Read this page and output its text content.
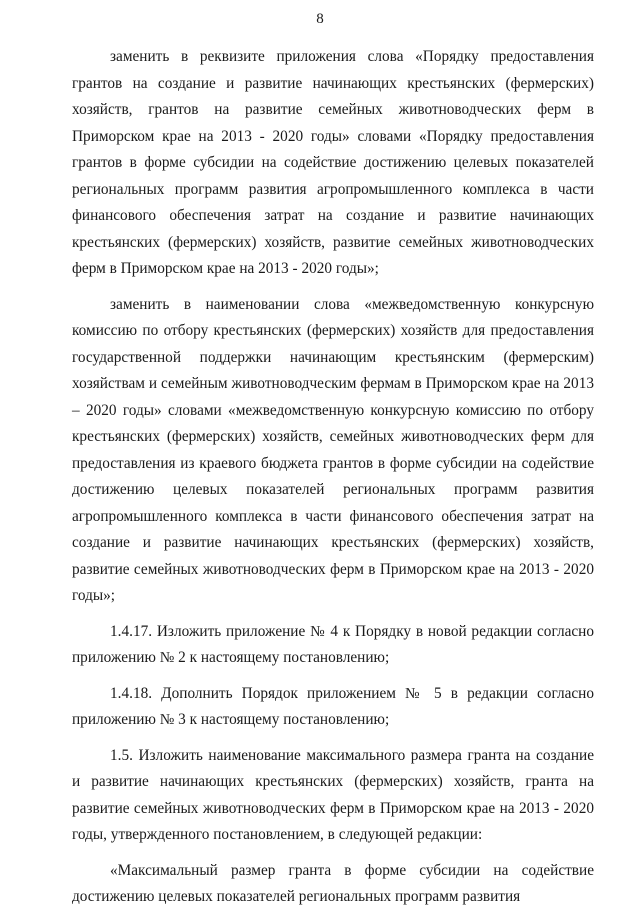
8

заменить в реквизите приложения слова «Порядку предоставления грантов на создание и развитие начинающих крестьянских (фермерских) хозяйств, грантов на развитие семейных животноводческих ферм в Приморском крае на 2013 - 2020 годы» словами «Порядку предоставления грантов в форме субсидии на содействие достижению целевых показателей региональных программ развития агропромышленного комплекса в части финансового обеспечения затрат на создание и развитие начинающих крестьянских (фермерских) хозяйств, развитие семейных животноводческих ферм в Приморском крае на 2013 - 2020 годы»;

заменить в наименовании слова «межведомственную конкурсную комиссию по отбору крестьянских (фермерских) хозяйств для предоставления государственной поддержки начинающим крестьянским (фермерским) хозяйствам и семейным животноводческим фермам в Приморском крае на 2013 – 2020 годы» словами «межведомственную конкурсную комиссию по отбору крестьянских (фермерских) хозяйств, семейных животноводческих ферм для предоставления из краевого бюджета грантов в форме субсидии на содействие достижению целевых показателей региональных программ развития агропромышленного комплекса в части финансового обеспечения затрат на создание и развитие начинающих крестьянских (фермерских) хозяйств, развитие семейных животноводческих ферм в Приморском крае на 2013 - 2020 годы»;

1.4.17. Изложить приложение № 4 к Порядку в новой редакции согласно приложению № 2 к настоящему постановлению;

1.4.18. Дополнить Порядок приложением № 5 в редакции согласно приложению № 3 к настоящему постановлению;

1.5. Изложить наименование максимального размера гранта на создание и развитие начинающих крестьянских (фермерских) хозяйств, гранта на развитие семейных животноводческих ферм в Приморском крае на 2013 - 2020 годы, утвержденного постановлением, в следующей редакции:

«Максимальный размер гранта в форме субсидии на содействие достижению целевых показателей региональных программ развития
